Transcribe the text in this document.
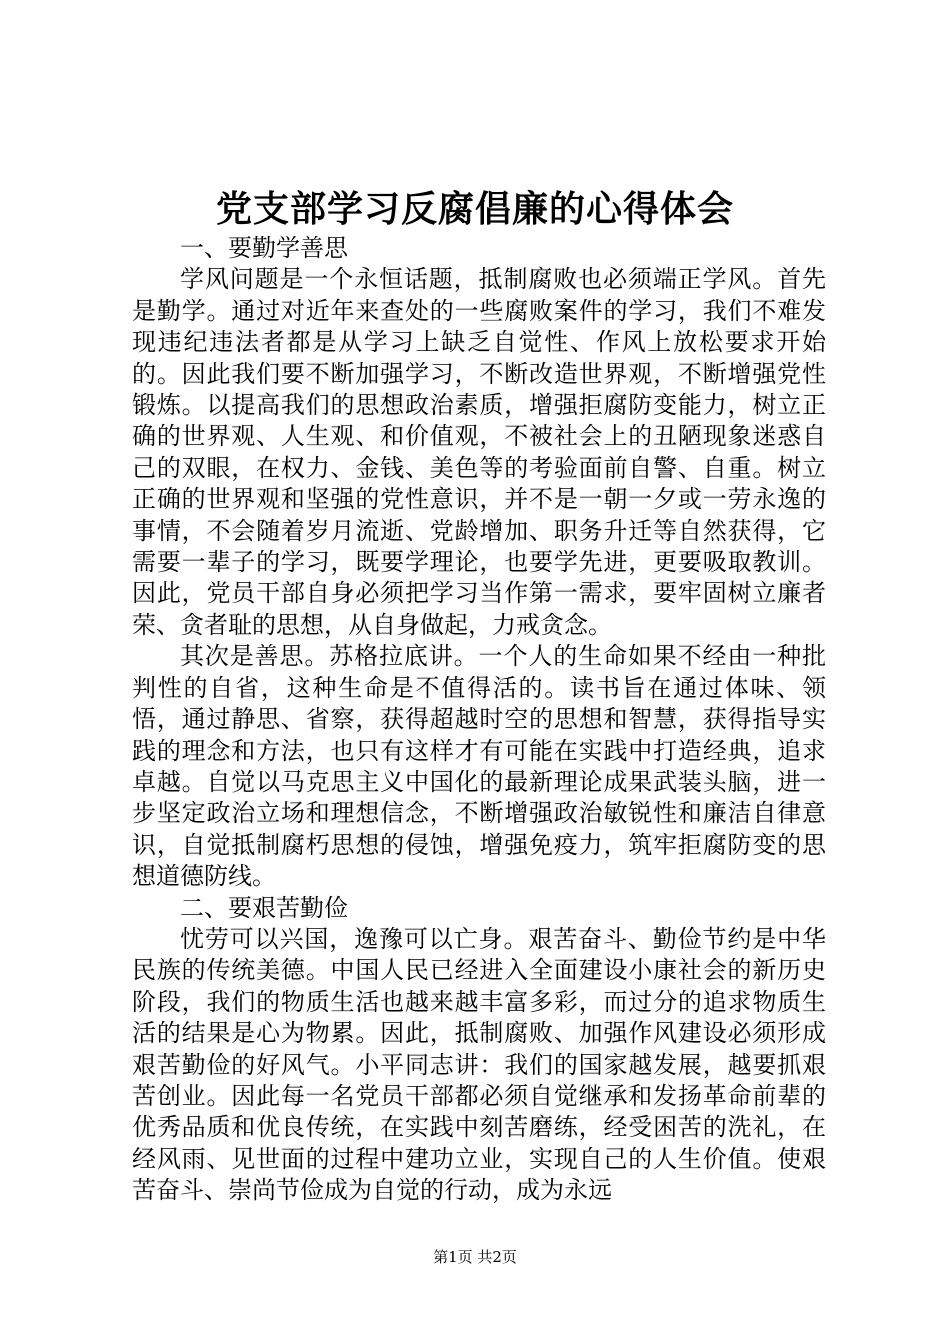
党支部学习反腐倡廉的心得体会

一、要勤学善思

学风问题是一个永恒话题，抵制腐败也必须端正学风。首先是勤学。通过对近年来查处的一些腐败案件的学习，我们不难发现违纪违法者都是从学习上缺乏自觉性、作风上放松要求开始的。因此我们要不断加强学习，不断改造世界观，不断增强党性锻炼。以提高我们的思想政治素质，增强拒腐防变能力，树立正确的世界观、人生观、和价值观，不被社会上的丑陋现象迷惑自己的双眼，在权力、金钱、美色等的考验面前自警、自重。树立正确的世界观和坚强的党性意识，并不是一朝一夕或一劳永逸的事情，不会随着岁月流逝、党龄增加、职务升迁等自然获得，它需要一辈子的学习，既要学理论，也要学先进，更要吸取教训。因此，党员干部自身必须把学习当作第一需求，要牢固树立廉者荣、贪者耻的思想，从自身做起，力戒贪念。

其次是善思。苏格拉底讲。一个人的生命如果不经由一种批判性的自省，这种生命是不值得活的。读书旨在通过体味、领悟，通过静思、省察，获得超越时空的思想和智慧，获得指导实践的理念和方法，也只有这样才有可能在实践中打造经典，追求卓越。自觉以马克思主义中国化的最新理论成果武装头脑，进一步坚定政治立场和理想信念，不断增强政治敏锐性和廉洁自律意识，自觉抵制腐朽思想的侵蚀，增强免疫力，筑牢拒腐防变的思想道德防线。

二、要艰苦勤俭

忧劳可以兴国，逸豫可以亡身。艰苦奋斗、勤俭节约是中华民族的传统美德。中国人民已经进入全面建设小康社会的新历史阶段，我们的物质生活也越来越丰富多彩，而过分的追求物质生活的结果是心为物累。因此，抵制腐败、加强作风建设必须形成艰苦勤俭的好风气。小平同志讲：我们的国家越发展，越要抓艰苦创业。因此每一名党员干部都必须自觉继承和发扬革命前辈的优秀品质和优良传统，在实践中刻苦磨练，经受困苦的洗礼，在经风雨、见世面的过程中建功立业，实现自己的人生价值。使艰苦奋斗、崇尚节俭成为自觉的行动，成为永远

第1页 共2页
